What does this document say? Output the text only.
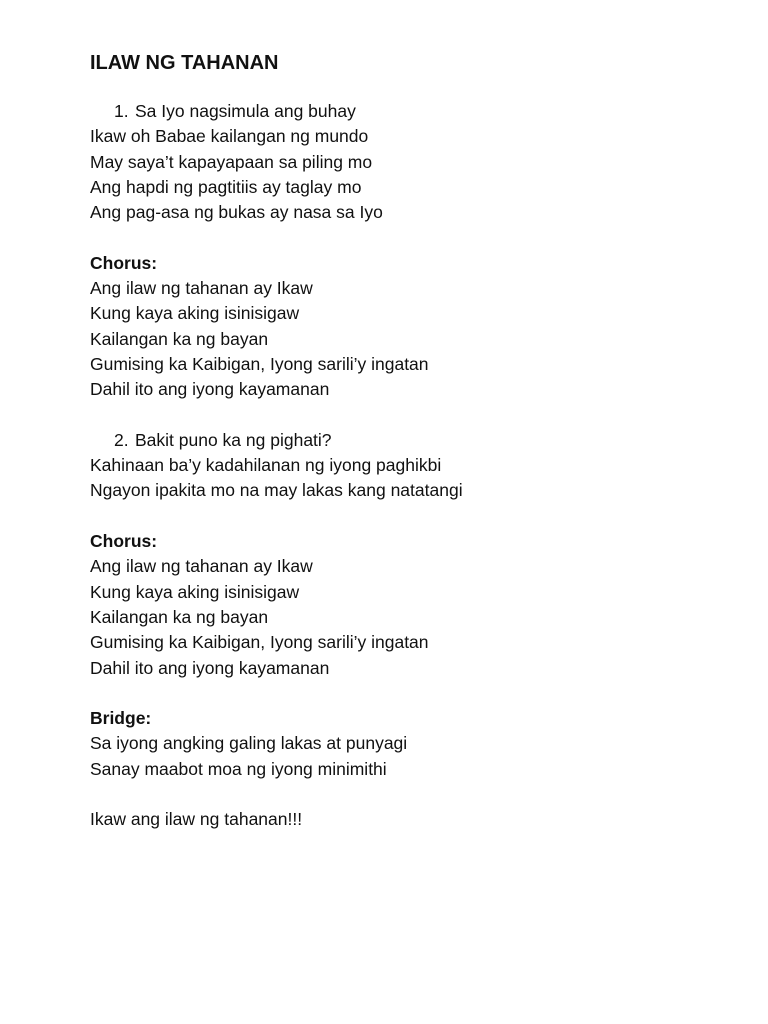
ILAW NG TAHANAN
1. Sa Iyo nagsimula ang buhay
Ikaw oh Babae kailangan ng mundo
May saya’t kapayapaan sa piling mo
Ang hapdi ng pagtitiis ay taglay mo
Ang pag-asa ng bukas ay nasa sa Iyo
Chorus:
Ang ilaw ng tahanan ay Ikaw
Kung kaya aking isinisigaw
Kailangan ka ng bayan
Gumising ka Kaibigan, Iyong sarili’y ingatan
Dahil ito ang iyong kayamanan
2. Bakit puno ka ng pighati?
Kahinaan ba’y kadahilanan ng iyong paghikbi
Ngayon ipakita mo na may lakas kang natatangi
Chorus:
Ang ilaw ng tahanan ay Ikaw
Kung kaya aking isinisigaw
Kailangan ka ng bayan
Gumising ka Kaibigan, Iyong sarili’y ingatan
Dahil ito ang iyong kayamanan
Bridge:
Sa iyong angking galing lakas at punyagi
Sanay maabot moa ng iyong minimithi
Ikaw ang ilaw ng tahanan!!!
